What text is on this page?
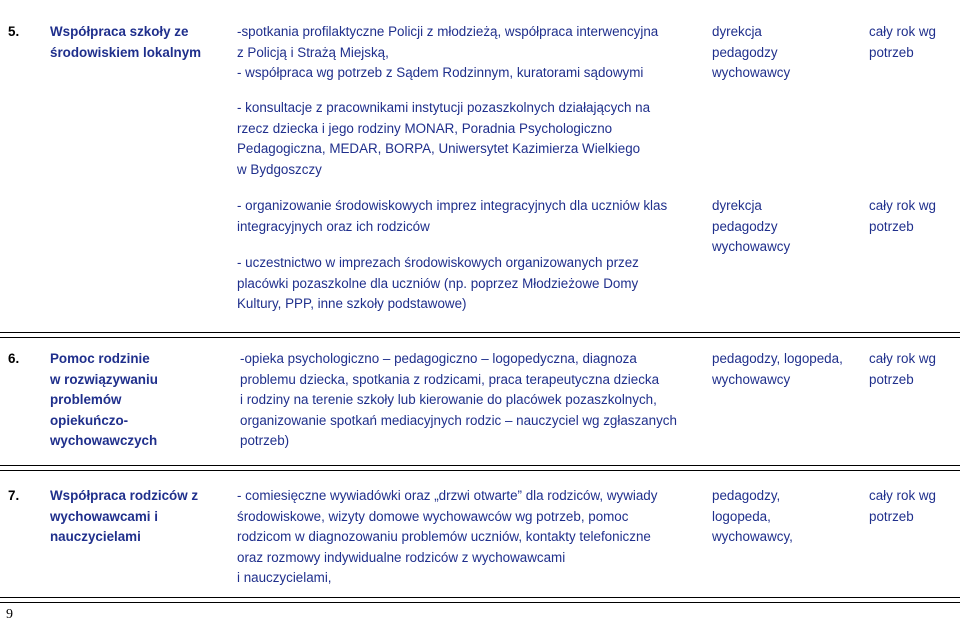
5. Współpraca szkoły ze
środowiskiem lokalnym
-spotkania profilaktyczne Policji z młodzieżą, współpraca interwencyjna
z Policją i Strażą Miejską,
- współpraca wg potrzeb z Sądem Rodzinnym, kuratorami sądowymi
dyrekcja
pedagodzy
wychowawcy
cały rok wg
potrzeb
- konsultacje z pracownikami instytucji pozaszkolnych działających na
rzecz dziecka i jego rodziny MONAR, Poradnia Psychologiczno
Pedagogiczna, MEDAR, BORPA, Uniwersytet Kazimierza Wielkiego
w Bydgoszczy
- organizowanie środowiskowych imprez integracyjnych dla uczniów klas
integracyjnych oraz ich rodziców
dyrekcja
pedagodzy
wychowawcy
cały rok wg
potrzeb
- uczestnictwo w imprezach środowiskowych organizowanych przez
placówki pozaszkolne dla uczniów (np. poprzez Młodzieżowe Domy
Kultury, PPP, inne szkoły podstawowe)
6. Pomoc rodzinie
w rozwiązywaniu
problemów
opiekuńczo-
wychowawczych
-opieka psychologiczno – pedagogiczno – logopedyczna, diagnoza
problemu dziecka, spotkania z rodzicami, praca terapeutyczna dziecka
i rodziny na terenie szkoły lub kierowanie do placówek pozaszkolnych,
organizowanie spotkań mediacyjnych rodzic – nauczyciel wg zgłaszanych
potrzeb)
pedagodzy, logopeda,
wychowawcy
cały rok wg
potrzeb
7. Współpraca rodziców z
wychowawcami i
nauczycielami
- comiesięczne wywiadówki oraz „drzwi otwarte” dla rodziców, wywiady
środowiskowe, wizyty domowe wychowawców wg potrzeb, pomoc
rodzicom w diagnozowaniu problemów uczniów, kontakty telefoniczne
oraz rozmowy indywidualne rodziców z wychowawcami
i nauczycielami,
pedagodzy,
logopeda,
wychowawcy,
cały rok wg
potrzeb
9
